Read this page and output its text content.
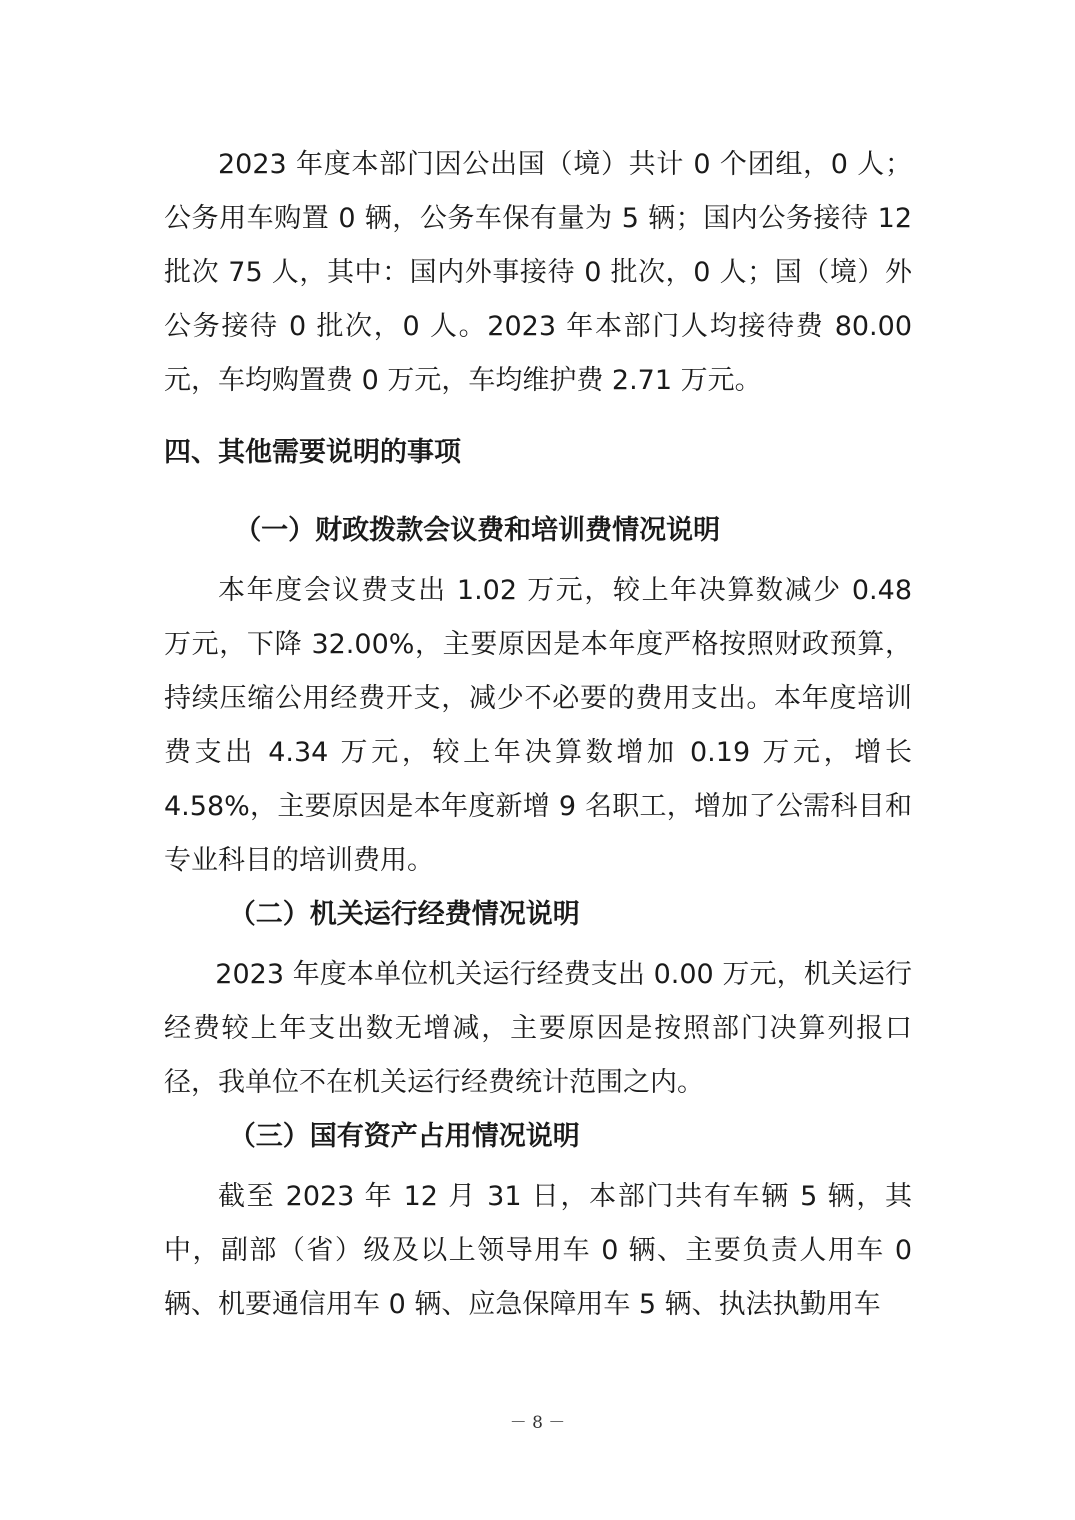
2023 年度本部门因公出国（境）共计 0 个团组，0 人；公务用车购置 0 辆，公务车保有量为 5 辆；国内公务接待 12 批次 75 人，其中：国内外事接待 0 批次，0 人；国（境）外公务接待 0 批次，0 人。2023 年本部门人均接待费 80.00 元，车均购置费 0 万元，车均维护费 2.71 万元。

四、其他需要说明的事项
（一）财政拨款会议费和培训费情况说明

本年度会议费支出 1.02 万元，较上年决算数减少 0.48 万元，下降 32.00%，主要原因是本年度严格按照财政预算，持续压缩公用经费开支，减少不必要的费用支出。本年度培训费支出 4.34 万元，较上年决算数增加 0.19 万元，增长 4.58%，主要原因是本年度新增 9 名职工，增加了公需科目和专业科目的培训费用。

（二）机关运行经费情况说明

2023 年度本单位机关运行经费支出 0.00 万元，机关运行经费较上年支出数无增减，主要原因是按照部门决算列报口径，我单位不在机关运行经费统计范围之内。

（三）国有资产占用情况说明

截至 2023 年 12 月 31 日，本部门共有车辆 5 辆，其中，副部（省）级及以上领导用车 0 辆、主要负责人用车 0 辆、机要通信用车 0 辆、应急保障用车 5 辆、执法执勤用车

－ 8 －
